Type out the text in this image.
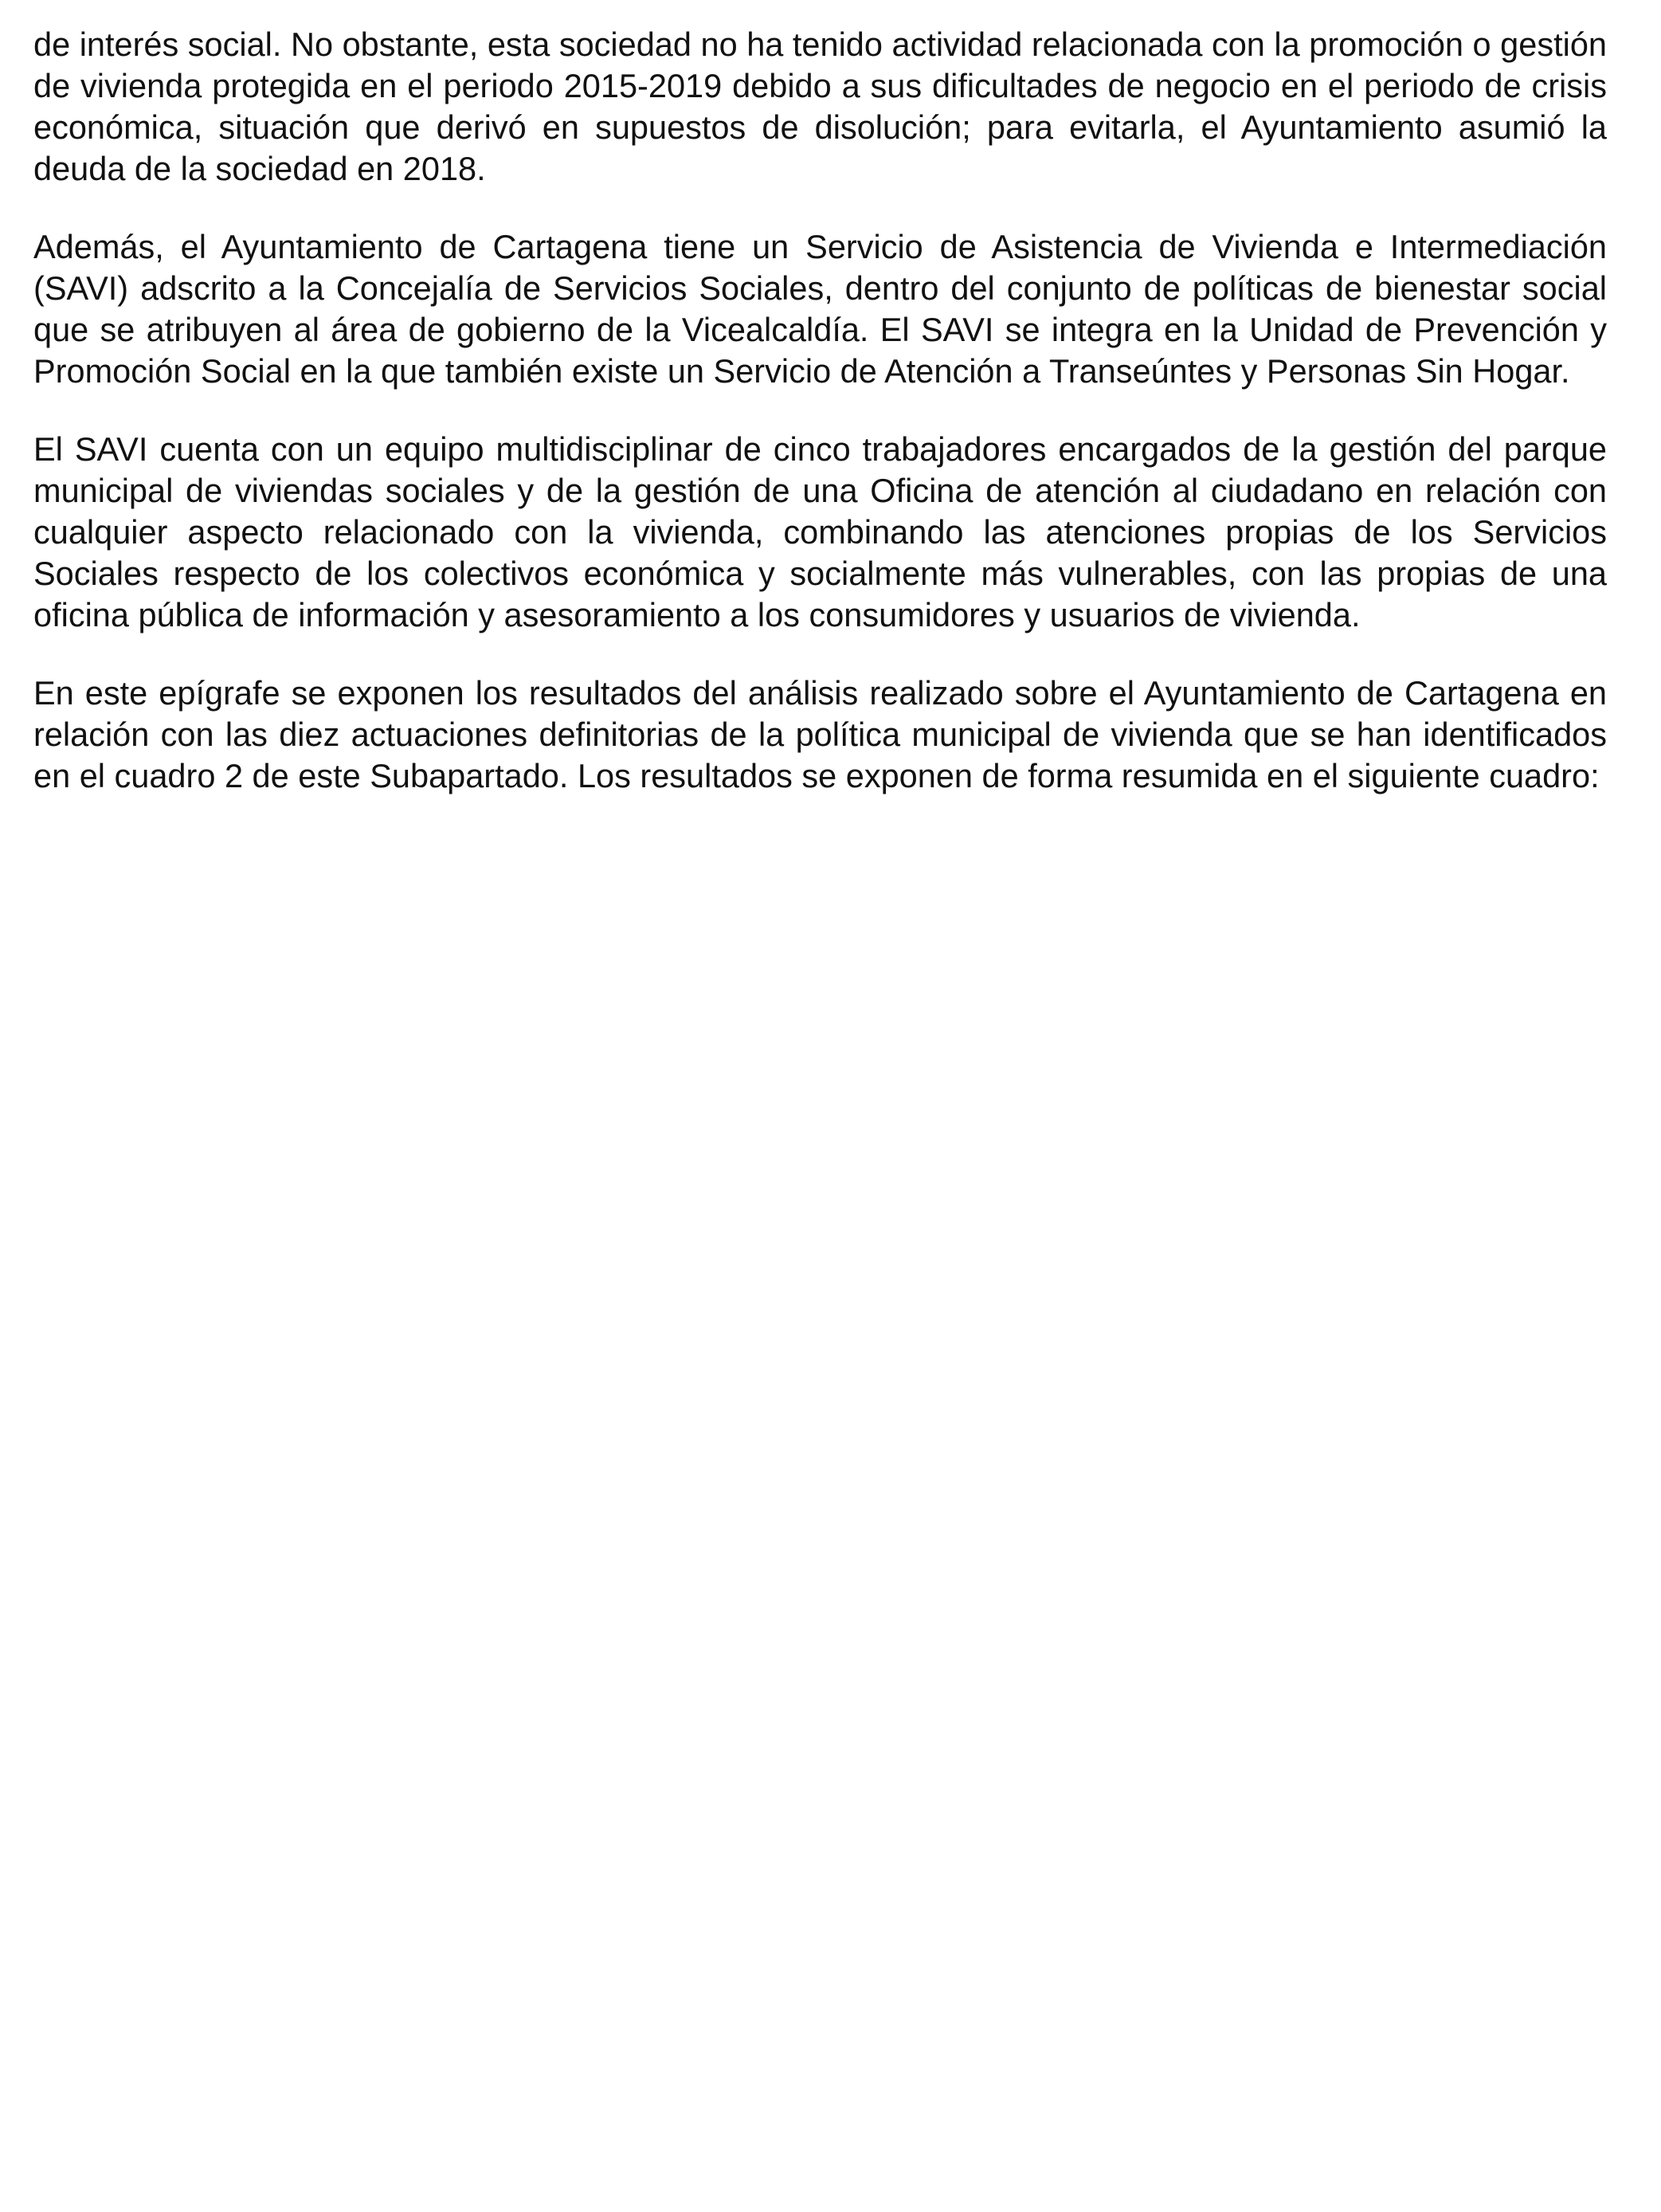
de interés social. No obstante, esta sociedad no ha tenido actividad relacionada con la promoción o gestión de vivienda protegida en el periodo 2015-2019 debido a sus dificultades de negocio en el periodo de crisis económica, situación que derivó en supuestos de disolución; para evitarla, el Ayuntamiento asumió la deuda de la sociedad en 2018.

Además, el Ayuntamiento de Cartagena tiene un Servicio de Asistencia de Vivienda e Intermediación (SAVI) adscrito a la Concejalía de Servicios Sociales, dentro del conjunto de políticas de bienestar social que se atribuyen al área de gobierno de la Vicealcaldía. El SAVI se integra en la Unidad de Prevención y Promoción Social en la que también existe un Servicio de Atención a Transeúntes y Personas Sin Hogar.

El SAVI cuenta con un equipo multidisciplinar de cinco trabajadores encargados de la gestión del parque municipal de viviendas sociales y de la gestión de una Oficina de atención al ciudadano en relación con cualquier aspecto relacionado con la vivienda, combinando las atenciones propias de los Servicios Sociales respecto de los colectivos económica y socialmente más vulnerables, con las propias de una oficina pública de información y asesoramiento a los consumidores y usuarios de vivienda.

En este epígrafe se exponen los resultados del análisis realizado sobre el Ayuntamiento de Cartagena en relación con las diez actuaciones definitorias de la política municipal de vivienda que se han identificados en el cuadro 2 de este Subapartado. Los resultados se exponen de forma resumida en el siguiente cuadro:
